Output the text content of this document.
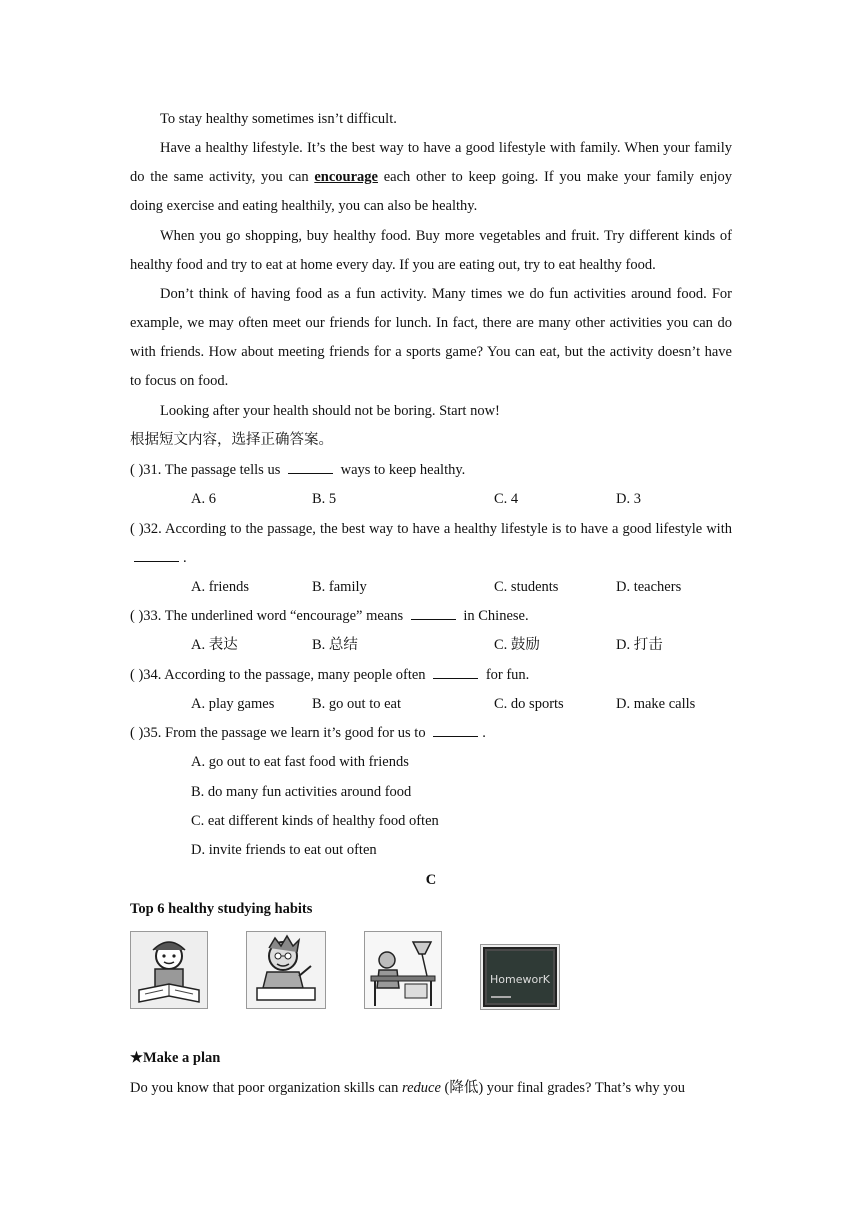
To stay healthy sometimes isn’t difficult.
Have a healthy lifestyle. It’s the best way to have a good lifestyle with family. When your family do the same activity, you can encourage each other to keep going. If you make your family enjoy doing exercise and eating healthily, you can also be healthy.
When you go shopping, buy healthy food. Buy more vegetables and fruit. Try different kinds of healthy food and try to eat at home every day. If you are eating out, try to eat healthy food.
Don’t think of having food as a fun activity. Many times we do fun activities around food. For example, we may often meet our friends for lunch. In fact, there are many other activities you can do with friends. How about meeting friends for a sports game? You can eat, but the activity doesn’t have to focus on food.
Looking after your health should not be boring. Start now!
根据短文内容，选择正确答案。
( )31. The passage tells us	ways to keep healthy.
A. 6	B. 5	C. 4	D. 3
( )32. According to the passage, the best way to have a healthy lifestyle is to have a good lifestyle with .
A. friends	B. family	C. students	D. teachers
( )33. The underlined word “encourage” means	in Chinese.
A. 表达	B. 总结	C. 鼓励	D. 打击
( )34. According to the passage, many people often	for fun.
A. play games	B. go out to eat	C. do sports	D. make calls
( )35. From the passage we learn it’s good for us to	.
A. go out to eat fast food with friends
B. do many fun activities around food
C. eat different kinds of healthy food often
D. invite friends to eat out often
C
Top 6 healthy studying habits
HomeworK
★Make a plan
Do you know that poor organization skills can reduce (降低) your final grades? That’s why you
